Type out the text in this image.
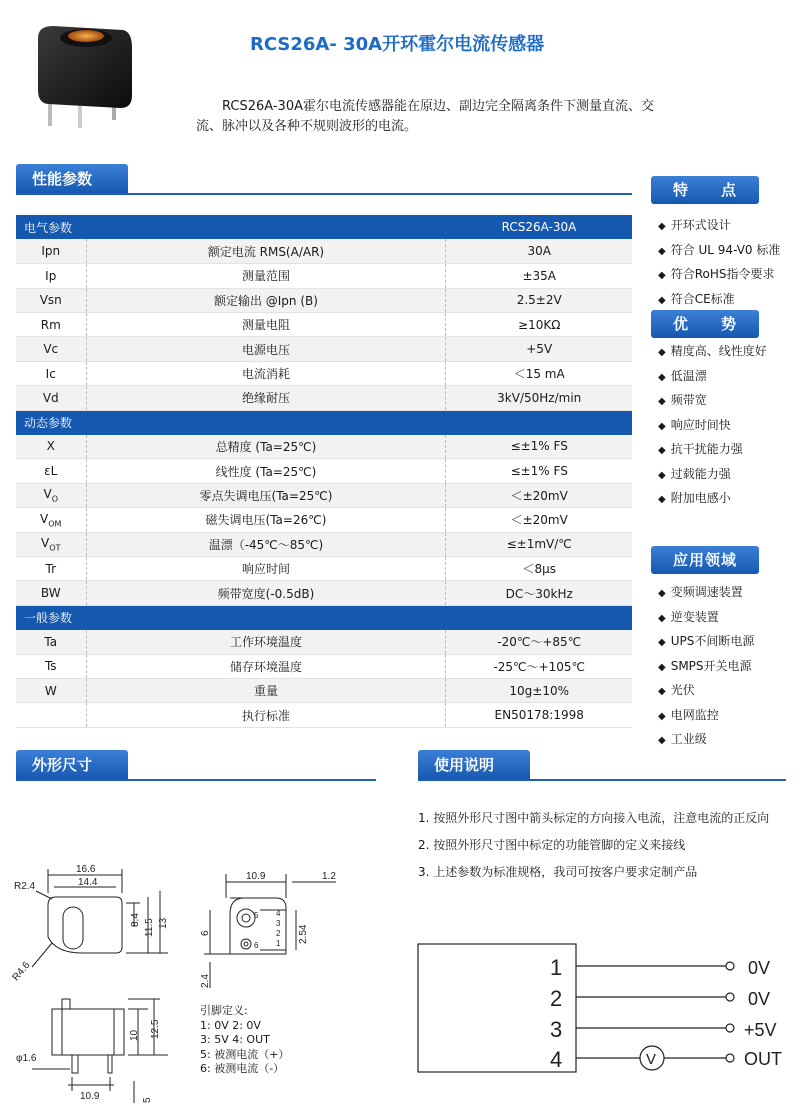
RCS26A- 30A开环霍尔电流传感器
RCS26A-30A霍尔电流传感器能在原边、副边完全隔离条件下测量直流、交流、脉冲以及各种不规则波形的电流。
性能参数
电气参数		RCS26A-30A
Ipn	额定电流 RMS(A/AR)	30A
Ip	测量范围	±35A
Vsn	额定输出 @Ipn (B)	2.5±2V
Rm	测量电阻	≥10KΩ
Vc	电源电压	+5V
Ic	电流消耗	＜15 mA
Vd	绝缘耐压	3kV/50Hz/min
动态参数		
X	总精度 (Ta=25℃)	≤±1% FS
εL	线性度 (Ta=25℃)	≤±1% FS
$V_O$	零点失调电压(Ta=25℃)	＜±20mV
$V_{OM}$	磁失调电压(Ta=26℃)	＜±20mV
$V_{OT}$	温漂（-45℃～85℃)	≤±1mV/℃
Tr	响应时间	＜8μs
BW	频带宽度(-0.5dB)	DC～30kHz
一般参数		
Ta	工作环境温度	-20℃～+85℃
Ts	储存环境温度	-25℃～+105℃
W	重量	10g±10%
	执行标准	EN50178:1998
特　　点
◆ 开环式设计
◆ 符合 UL 94-V0 标准
◆ 符合RoHS指令要求
◆ 符合CE标准
优　　势
◆ 精度高、线性度好
◆ 低温漂
◆ 频带宽
◆ 响应时间快
◆ 抗干扰能力强
◆ 过载能力强
◆ 附加电感小
应用领域
◆ 变频调速装置
◆ 逆变装置
◆ UPS不间断电源
◆ SMPS开关电源
◆ 光伏
◆ 电网监控
◆ 工业级
外形尺寸	使用说明
1. 按照外形尺寸图中箭头标定的方向接入电流，注意电流的正反向
2. 按照外形尺寸图中标定的功能管脚的定义来接线
3. 上述参数为标准规格，我司可按客户要求定制产品
16.6
14.4
R2.4
R4.6
8.4 11.5 13
φ1.6
10 12.5
10.9	5
10.9	1.2
6
2.4
2.54
5
6
4
3
2
1
引脚定义:
1: 0V 2: 0V
3: 5V 4: OUT
5: 被测电流（+）
6: 被测电流（-）
1
2
3
4
0V
0V
+5V
OUT
V
